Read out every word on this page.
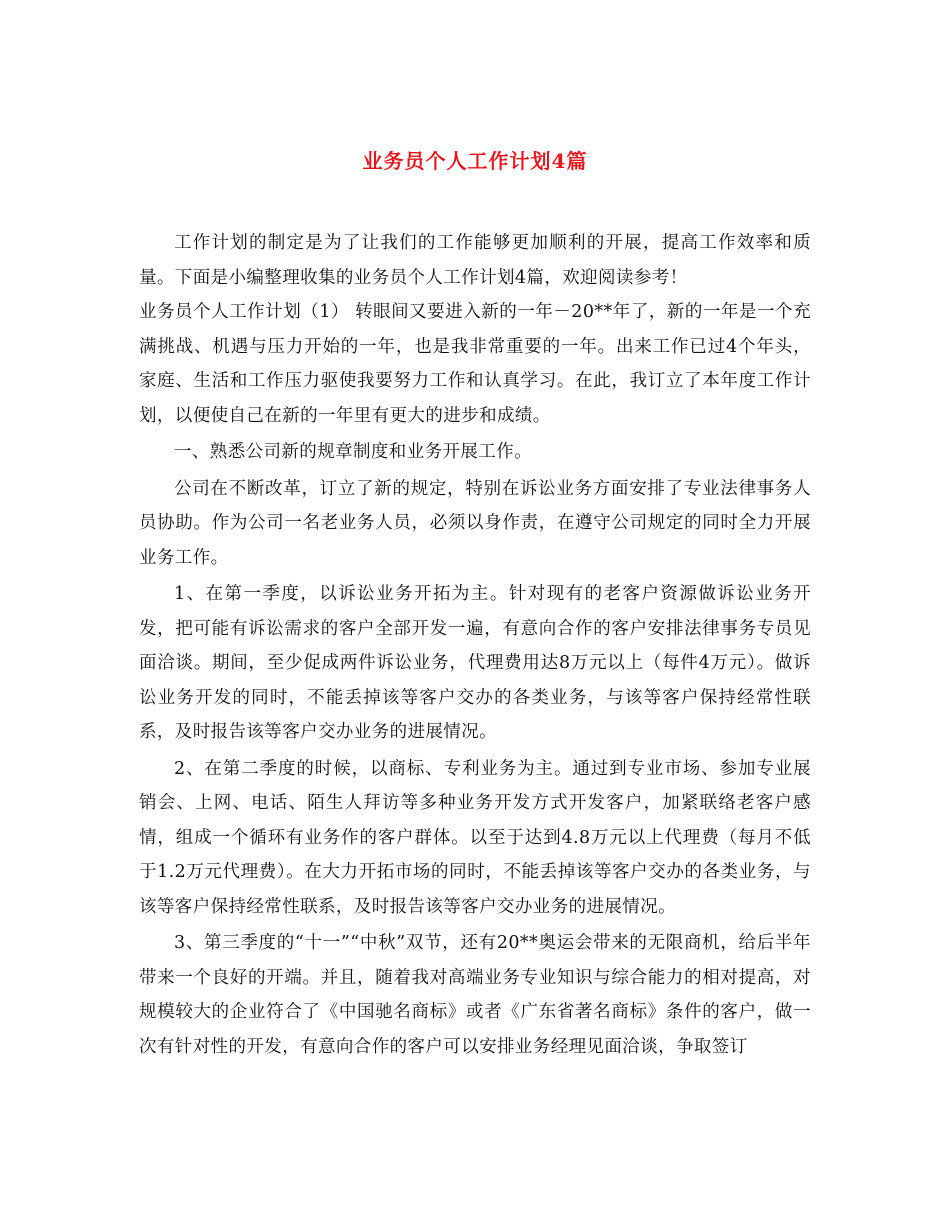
业务员个人工作计划4篇

工作计划的制定是为了让我们的工作能够更加顺利的开展，提高工作效率和质量。下面是小编整理收集的业务员个人工作计划4篇，欢迎阅读参考！

业务员个人工作计划（1） 转眼间又要进入新的一年－20**年了，新的一年是一个充满挑战、机遇与压力开始的一年，也是我非常重要的一年。出来工作已过4个年头，家庭、生活和工作压力驱使我要努力工作和认真学习。在此，我订立了本年度工作计划，以便使自己在新的一年里有更大的进步和成绩。

一、熟悉公司新的规章制度和业务开展工作。

公司在不断改革，订立了新的规定，特别在诉讼业务方面安排了专业法律事务人员协助。作为公司一名老业务人员，必须以身作责，在遵守公司规定的同时全力开展业务工作。

1、在第一季度，以诉讼业务开拓为主。针对现有的老客户资源做诉讼业务开发，把可能有诉讼需求的客户全部开发一遍，有意向合作的客户安排法律事务专员见面洽谈。期间，至少促成两件诉讼业务，代理费用达8万元以上（每件4万元）。做诉讼业务开发的同时，不能丢掉该等客户交办的各类业务，与该等客户保持经常性联系，及时报告该等客户交办业务的进展情况。

2、在第二季度的时候，以商标、专利业务为主。通过到专业市场、参加专业展销会、上网、电话、陌生人拜访等多种业务开发方式开发客户，加紧联络老客户感情，组成一个循环有业务作的客户群体。以至于达到4.8万元以上代理费（每月不低于1.2万元代理费）。在大力开拓市场的同时，不能丢掉该等客户交办的各类业务，与该等客户保持经常性联系，及时报告该等客户交办业务的进展情况。

3、第三季度的“十一”“中秋”双节，还有20**奥运会带来的无限商机，给后半年带来一个良好的开端。并且，随着我对高端业务专业知识与综合能力的相对提高，对规模较大的企业符合了《中国驰名商标》或者《广东省著名商标》条件的客户，做一次有针对性的开发，有意向合作的客户可以安排业务经理见面洽谈，争取签订
